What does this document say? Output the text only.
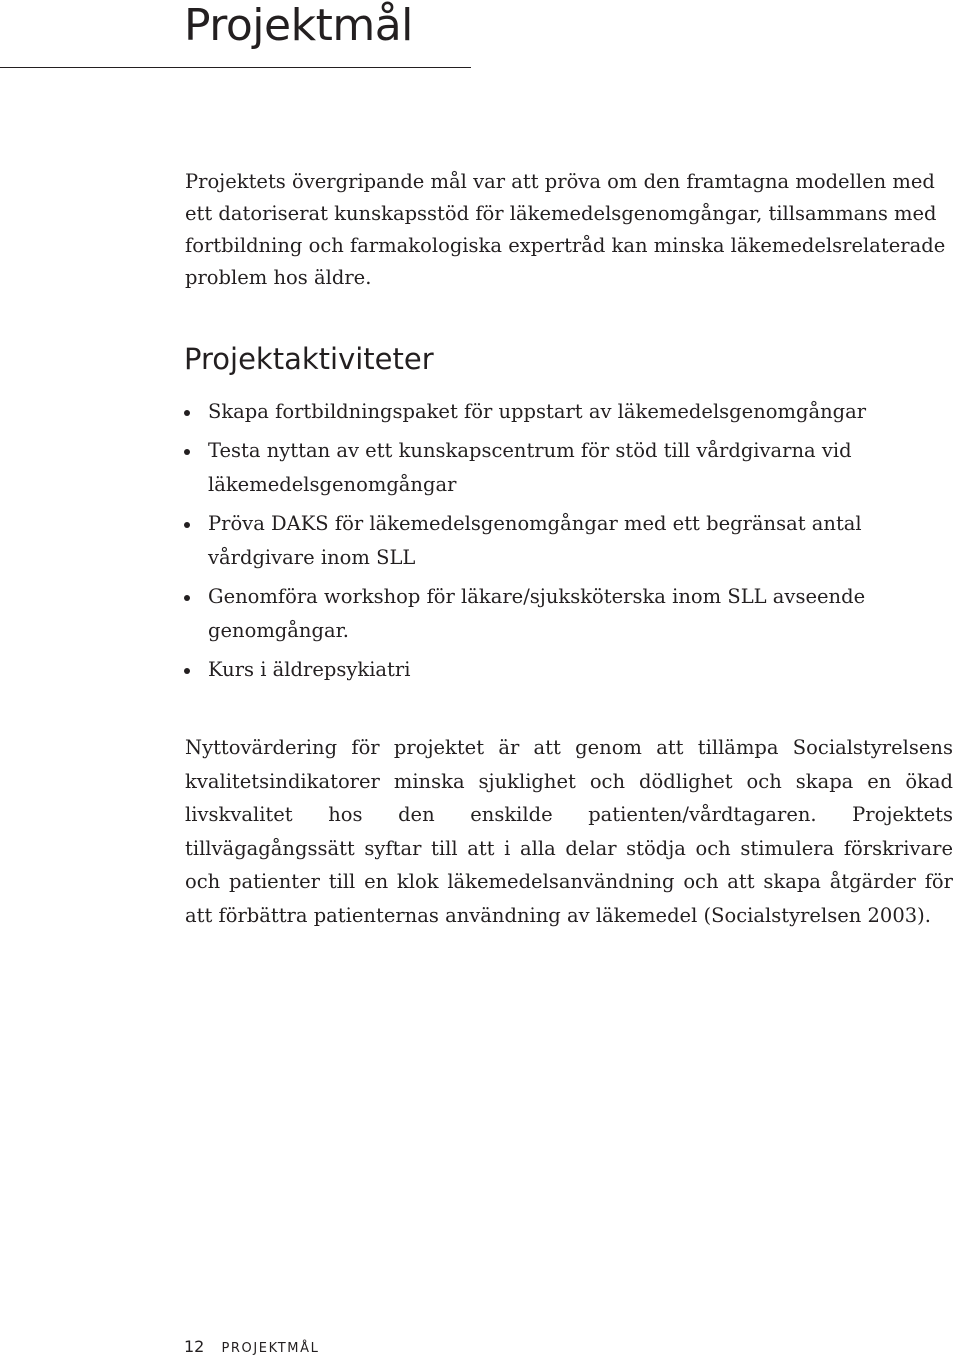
Projektmål

Projektets övergripande mål var att pröva om den framtagna modellen med ett datoriserat kunskapsstöd för läkemedelsgenomgångar, tillsammans med fortbildning och farmakologiska expertråd kan minska läkemedelsrelaterade problem hos äldre.

Projektaktiviteter
Skapa fortbildningspaket för uppstart av läkemedelsgenomgångar
Testa nyttan av ett kunskapscentrum för stöd till vårdgivarna vid läkemedelsgenomgångar
Pröva DAKS för läkemedelsgenomgångar med ett begränsat antal vårdgivare inom SLL
Genomföra workshop för läkare/sjuksköterska inom SLL avseende genomgångar.
Kurs i äldrepsykiatri

Nyttovärdering för projektet är att genom att tillämpa Socialstyrelsens kvalitetsindikatorer minska sjuklighet och dödlighet och skapa en ökad livskvalitet hos den enskilde patienten/vårdtagaren. Projektets tillvägagångssätt syftar till att i alla delar stödja och stimulera förskrivare och patienter till en klok läkemedelsanvändning och att skapa åtgärder för att förbättra patienternas användning av läkemedel (Socialstyrelsen 2003).

12 PROJEKTMÅL
